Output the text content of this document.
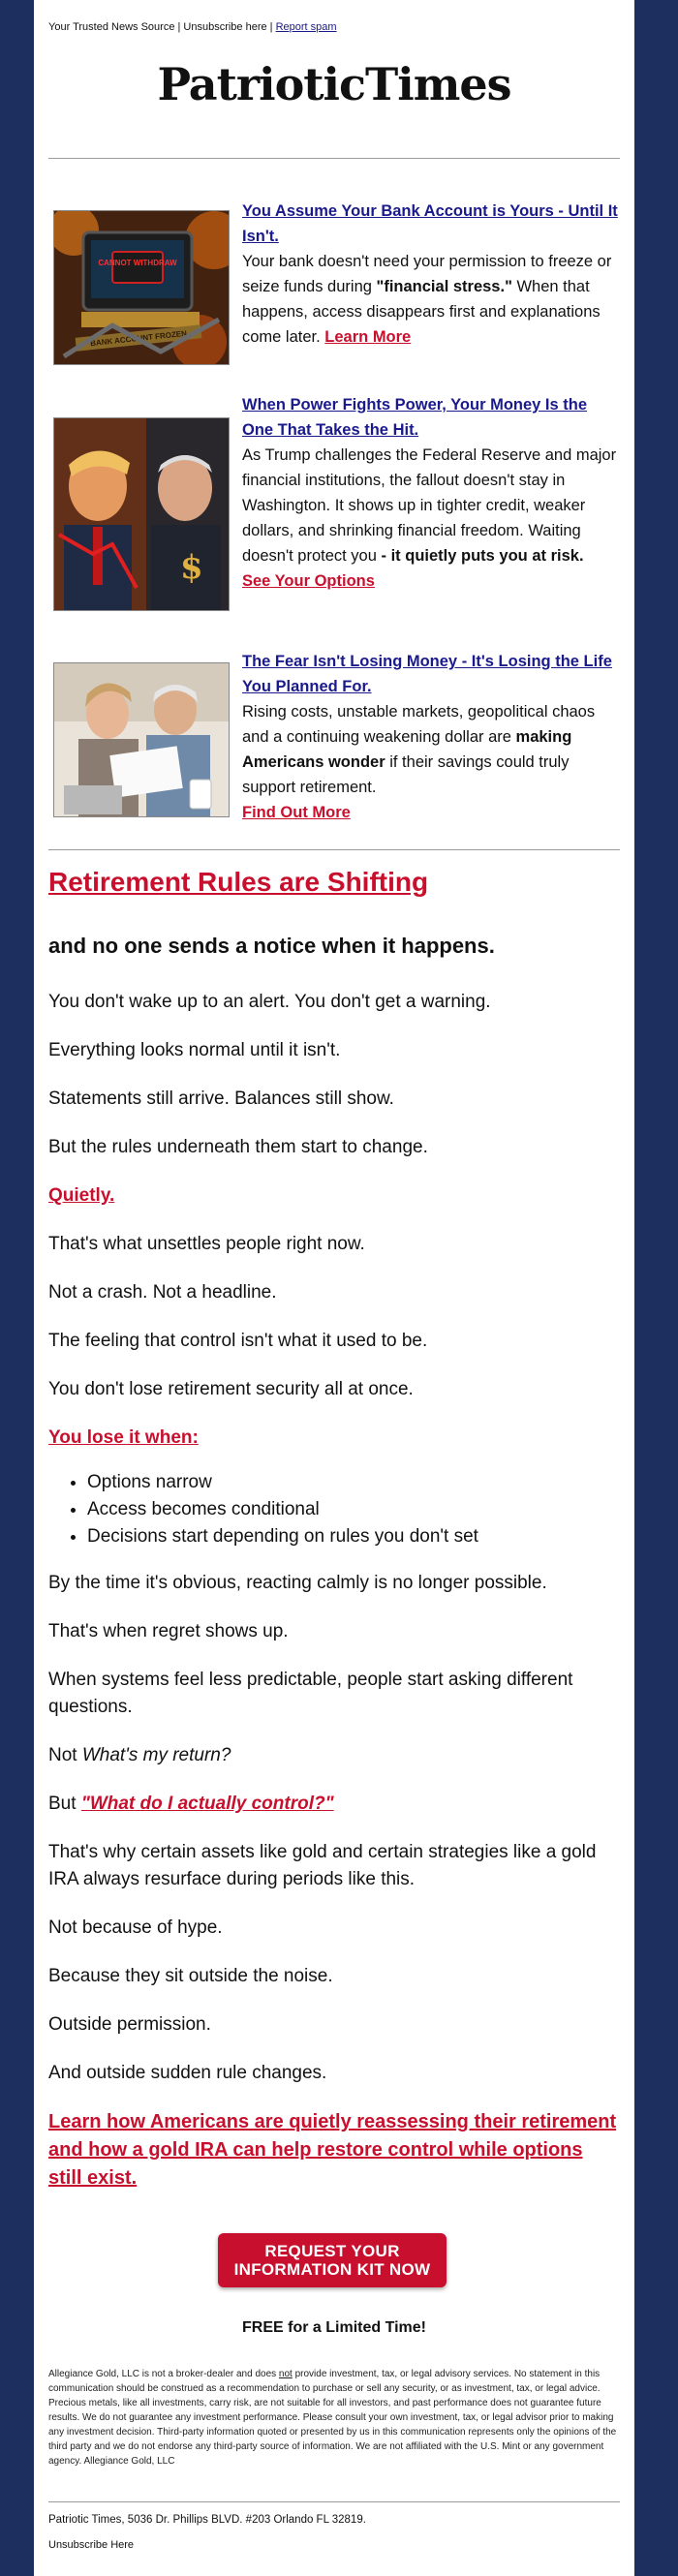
Your Trusted News Source | Unsubscribe here | Report spam
PatrioticTimes
CANNOT WITHDRAW
BANK ACCOUNT FROZEN
You Assume Your Bank Account is Yours - Until It Isn't.
Your bank doesn't need your permission to freeze or seize funds during "financial stress." When that happens, access disappears first and explanations come later. Learn More
$
When Power Fights Power, Your Money Is the One That Takes the Hit.
As Trump challenges the Federal Reserve and major financial institutions, the fallout doesn't stay in Washington. It shows up in tighter credit, weaker dollars, and shrinking financial freedom. Waiting doesn't protect you - it quietly puts you at risk.
See Your Options
The Fear Isn't Losing Money - It's Losing the Life You Planned For.
Rising costs, unstable markets, geopolitical chaos and a continuing weakening dollar are making Americans wonder if their savings could truly support retirement.
Find Out More
Retirement Rules are Shifting
and no one sends a notice when it happens.
You don't wake up to an alert. You don't get a warning.
Everything looks normal until it isn't.
Statements still arrive. Balances still show.
But the rules underneath them start to change.
Quietly.
That's what unsettles people right now.
Not a crash. Not a headline.
The feeling that control isn't what it used to be.
You don't lose retirement security all at once.
You lose it when:
• Options narrow
• Access becomes conditional
• Decisions start depending on rules you don't set
By the time it's obvious, reacting calmly is no longer possible.
That's when regret shows up.
When systems feel less predictable, people start asking different questions.
Not What's my return?
But "What do I actually control?"
That's why certain assets like gold and certain strategies like a gold IRA always resurface during periods like this.
Not because of hype.
Because they sit outside the noise.
Outside permission.
And outside sudden rule changes.
Learn how Americans are quietly reassessing their retirement and how a gold IRA can help restore control while options still exist.
REQUEST YOUR
INFORMATION KIT NOW
FREE for a Limited Time!
Allegiance Gold, LLC is not a broker-dealer and does not provide investment, tax, or legal advisory services. No statement in this communication should be construed as a recommendation to purchase or sell any security, or as investment, tax, or legal advice. Precious metals, like all investments, carry risk, are not suitable for all investors, and past performance does not guarantee future results. We do not guarantee any investment performance. Please consult your own investment, tax, or legal advisor prior to making any investment decision. Third-party information quoted or presented by us in this communication represents only the opinions of the third party and we do not endorse any third-party source of information. We are not affiliated with the U.S. Mint or any government agency. Allegiance Gold, LLC
Patriotic Times, 5036 Dr. Phillips BLVD. #203 Orlando FL 32819.
Unsubscribe Here
